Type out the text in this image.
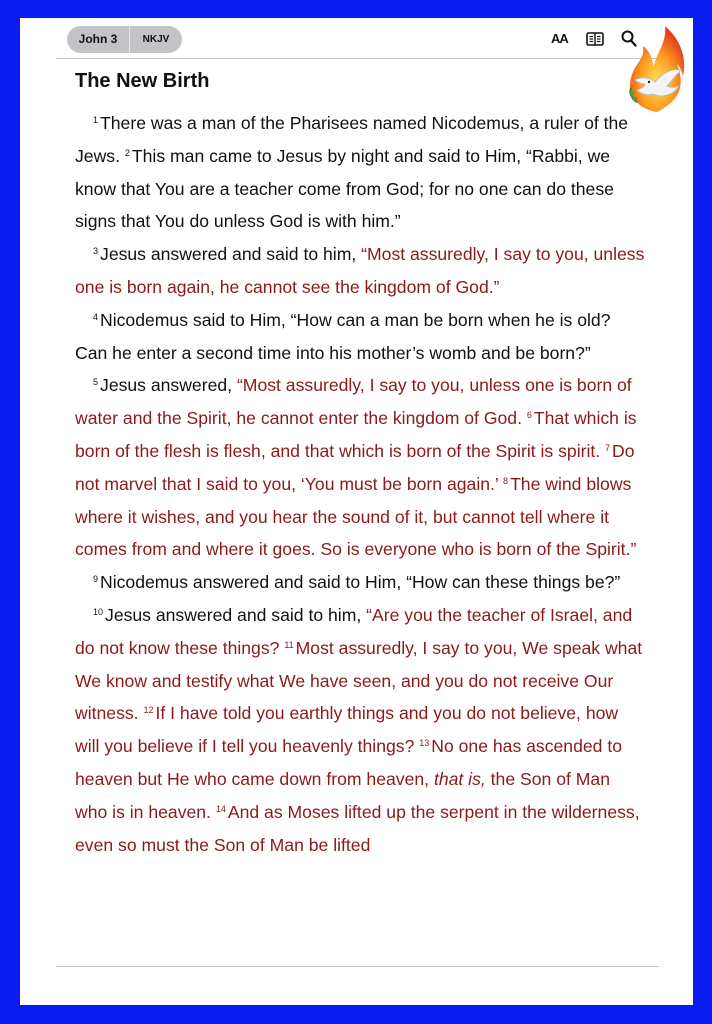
John 3	NKJV	AA
The New Birth

$^1$ There was a man of the Pharisees named Nicodemus, a ruler of the Jews. $^2$ This man came to Jesus by night and said to Him, “Rabbi, we know that You are a teacher come from God; for no one can do these signs that You do unless God is with him.”

$^3$ Jesus answered and said to him, “Most assuredly, I say to you, unless one is born again, he cannot see the kingdom of God.”

$^4$ Nicodemus said to Him, “How can a man be born when he is old? Can he enter a second time into his mother’s womb and be born?”

$^5$ Jesus answered, “Most assuredly, I say to you, unless one is born of water and the Spirit, he cannot enter the kingdom of God. $^6$ That which is born of the flesh is flesh, and that which is born of the Spirit is spirit. $^7$ Do not marvel that I said to you, ‘You must be born again.’ $^8$ The wind blows where it wishes, and you hear the sound of it, but cannot tell where it comes from and where it goes. So is everyone who is born of the Spirit.”

$^9$ Nicodemus answered and said to Him, “How can these things be?”

$^{10}$ Jesus answered and said to him, “Are you the teacher of Israel, and do not know these things? $^{11}$ Most assuredly, I say to you, We speak what We know and testify what We have seen, and you do not receive Our witness. $^{12}$ If I have told you earthly things and you do not believe, how will you believe if I tell you heavenly things? $^{13}$ No one has ascended to heaven but He who came down from heaven, that is, the Son of Man who is in heaven. $^{14}$ And as Moses lifted up the serpent in the wilderness, even so must the Son of Man be lifted
